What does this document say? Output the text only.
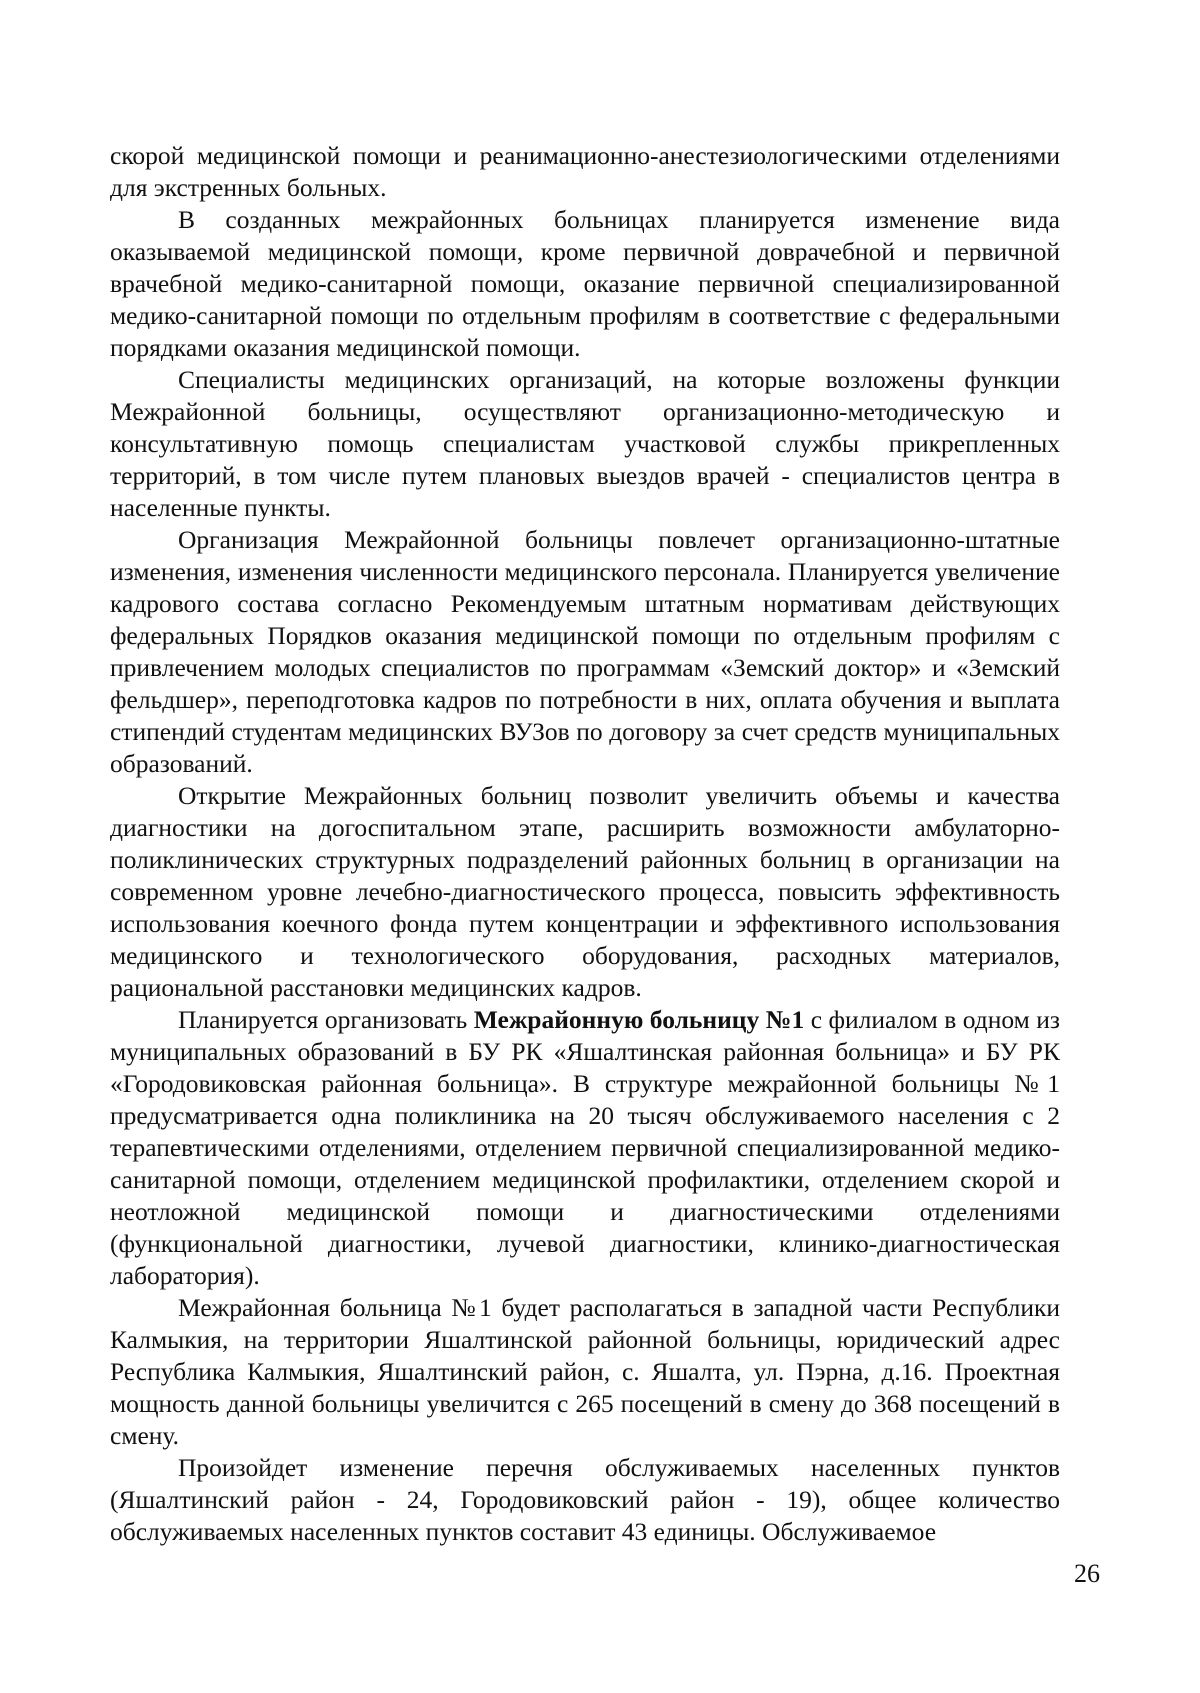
скорой медицинской помощи и реанимационно-анестезиологическими отделениями для экстренных больных.

В созданных межрайонных больницах планируется изменение вида оказываемой медицинской помощи, кроме первичной доврачебной и первичной врачебной медико-санитарной помощи, оказание первичной специализированной медико-санитарной помощи по отдельным профилям в соответствие с федеральными порядками оказания медицинской помощи.

Специалисты медицинских организаций, на которые возложены функции Межрайонной больницы, осуществляют организационно-методическую и консультативную помощь специалистам участковой службы прикрепленных территорий, в том числе путем плановых выездов врачей - специалистов центра в населенные пункты.

Организация Межрайонной больницы повлечет организационно-штатные изменения, изменения численности медицинского персонала. Планируется увеличение кадрового состава согласно Рекомендуемым штатным нормативам действующих федеральных Порядков оказания медицинской помощи по отдельным профилям с привлечением молодых специалистов по программам «Земский доктор» и «Земский фельдшер», переподготовка кадров по потребности в них, оплата обучения и выплата стипендий студентам медицинских ВУЗов по договору за счет средств муниципальных образований.

Открытие Межрайонных больниц позволит увеличить объемы и качества диагностики на догоспитальном этапе, расширить возможности амбулаторно-поликлинических структурных подразделений районных больниц в организации на современном уровне лечебно-диагностического процесса, повысить эффективность использования коечного фонда путем концентрации и эффективного использования медицинского и технологического оборудования, расходных материалов, рациональной расстановки медицинских кадров.

Планируется организовать Межрайонную больницу №1 с филиалом в одном из муниципальных образований в БУ РК «Яшалтинская районная больница» и БУ РК «Городовиковская районная больница». В структуре межрайонной больницы №1 предусматривается одна поликлиника на 20 тысяч обслуживаемого населения с 2 терапевтическими отделениями, отделением первичной специализированной медико-санитарной помощи, отделением медицинской профилактики, отделением скорой и неотложной медицинской помощи и диагностическими отделениями (функциональной диагностики, лучевой диагностики, клинико-диагностическая лаборатория).

Межрайонная больница №1 будет располагаться в западной части Республики Калмыкия, на территории Яшалтинской районной больницы, юридический адрес Республика Калмыкия, Яшалтинский район, с. Яшалта, ул. Пэрна, д.16. Проектная мощность данной больницы увеличится с 265 посещений в смену до 368 посещений в смену.

Произойдет изменение перечня обслуживаемых населенных пунктов (Яшалтинский район - 24, Городовиковский район - 19), общее количество обслуживаемых населенных пунктов составит 43 единицы. Обслуживаемое

26
